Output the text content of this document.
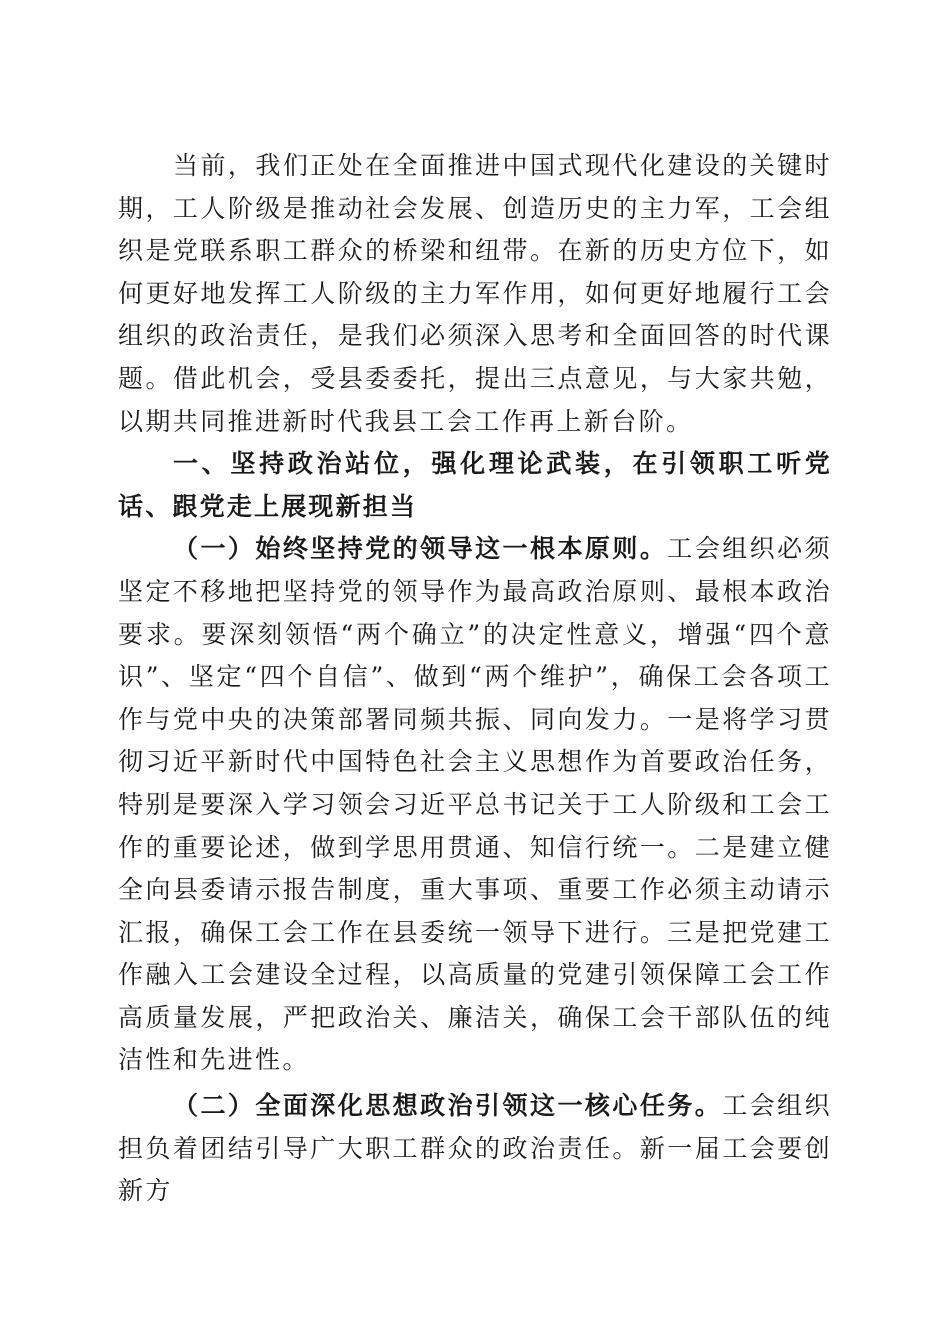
当前，我们正处在全面推进中国式现代化建设的关键时期，工人阶级是推动社会发展、创造历史的主力军，工会组织是党联系职工群众的桥梁和纽带。在新的历史方位下，如何更好地发挥工人阶级的主力军作用，如何更好地履行工会组织的政治责任，是我们必须深入思考和全面回答的时代课题。借此机会，受县委委托，提出三点意见，与大家共勉，以期共同推进新时代我县工会工作再上新台阶。

一、坚持政治站位，强化理论武装，在引领职工听党话、跟党走上展现新担当

（一）始终坚持党的领导这一根本原则。工会组织必须坚定不移地把坚持党的领导作为最高政治原则、最根本政治要求。要深刻领悟“两个确立”的决定性意义，增强“四个意识”、坚定“四个自信”、做到“两个维护”，确保工会各项工作与党中央的决策部署同频共振、同向发力。一是将学习贯彻习近平新时代中国特色社会主义思想作为首要政治任务，特别是要深入学习领会习近平总书记关于工人阶级和工会工作的重要论述，做到学思用贯通、知信行统一。二是建立健全向县委请示报告制度，重大事项、重要工作必须主动请示汇报，确保工会工作在县委统一领导下进行。三是把党建工作融入工会建设全过程，以高质量的党建引领保障工会工作高质量发展，严把政治关、廉洁关，确保工会干部队伍的纯洁性和先进性。

（二）全面深化思想政治引领这一核心任务。工会组织担负着团结引导广大职工群众的政治责任。新一届工会要创新方
